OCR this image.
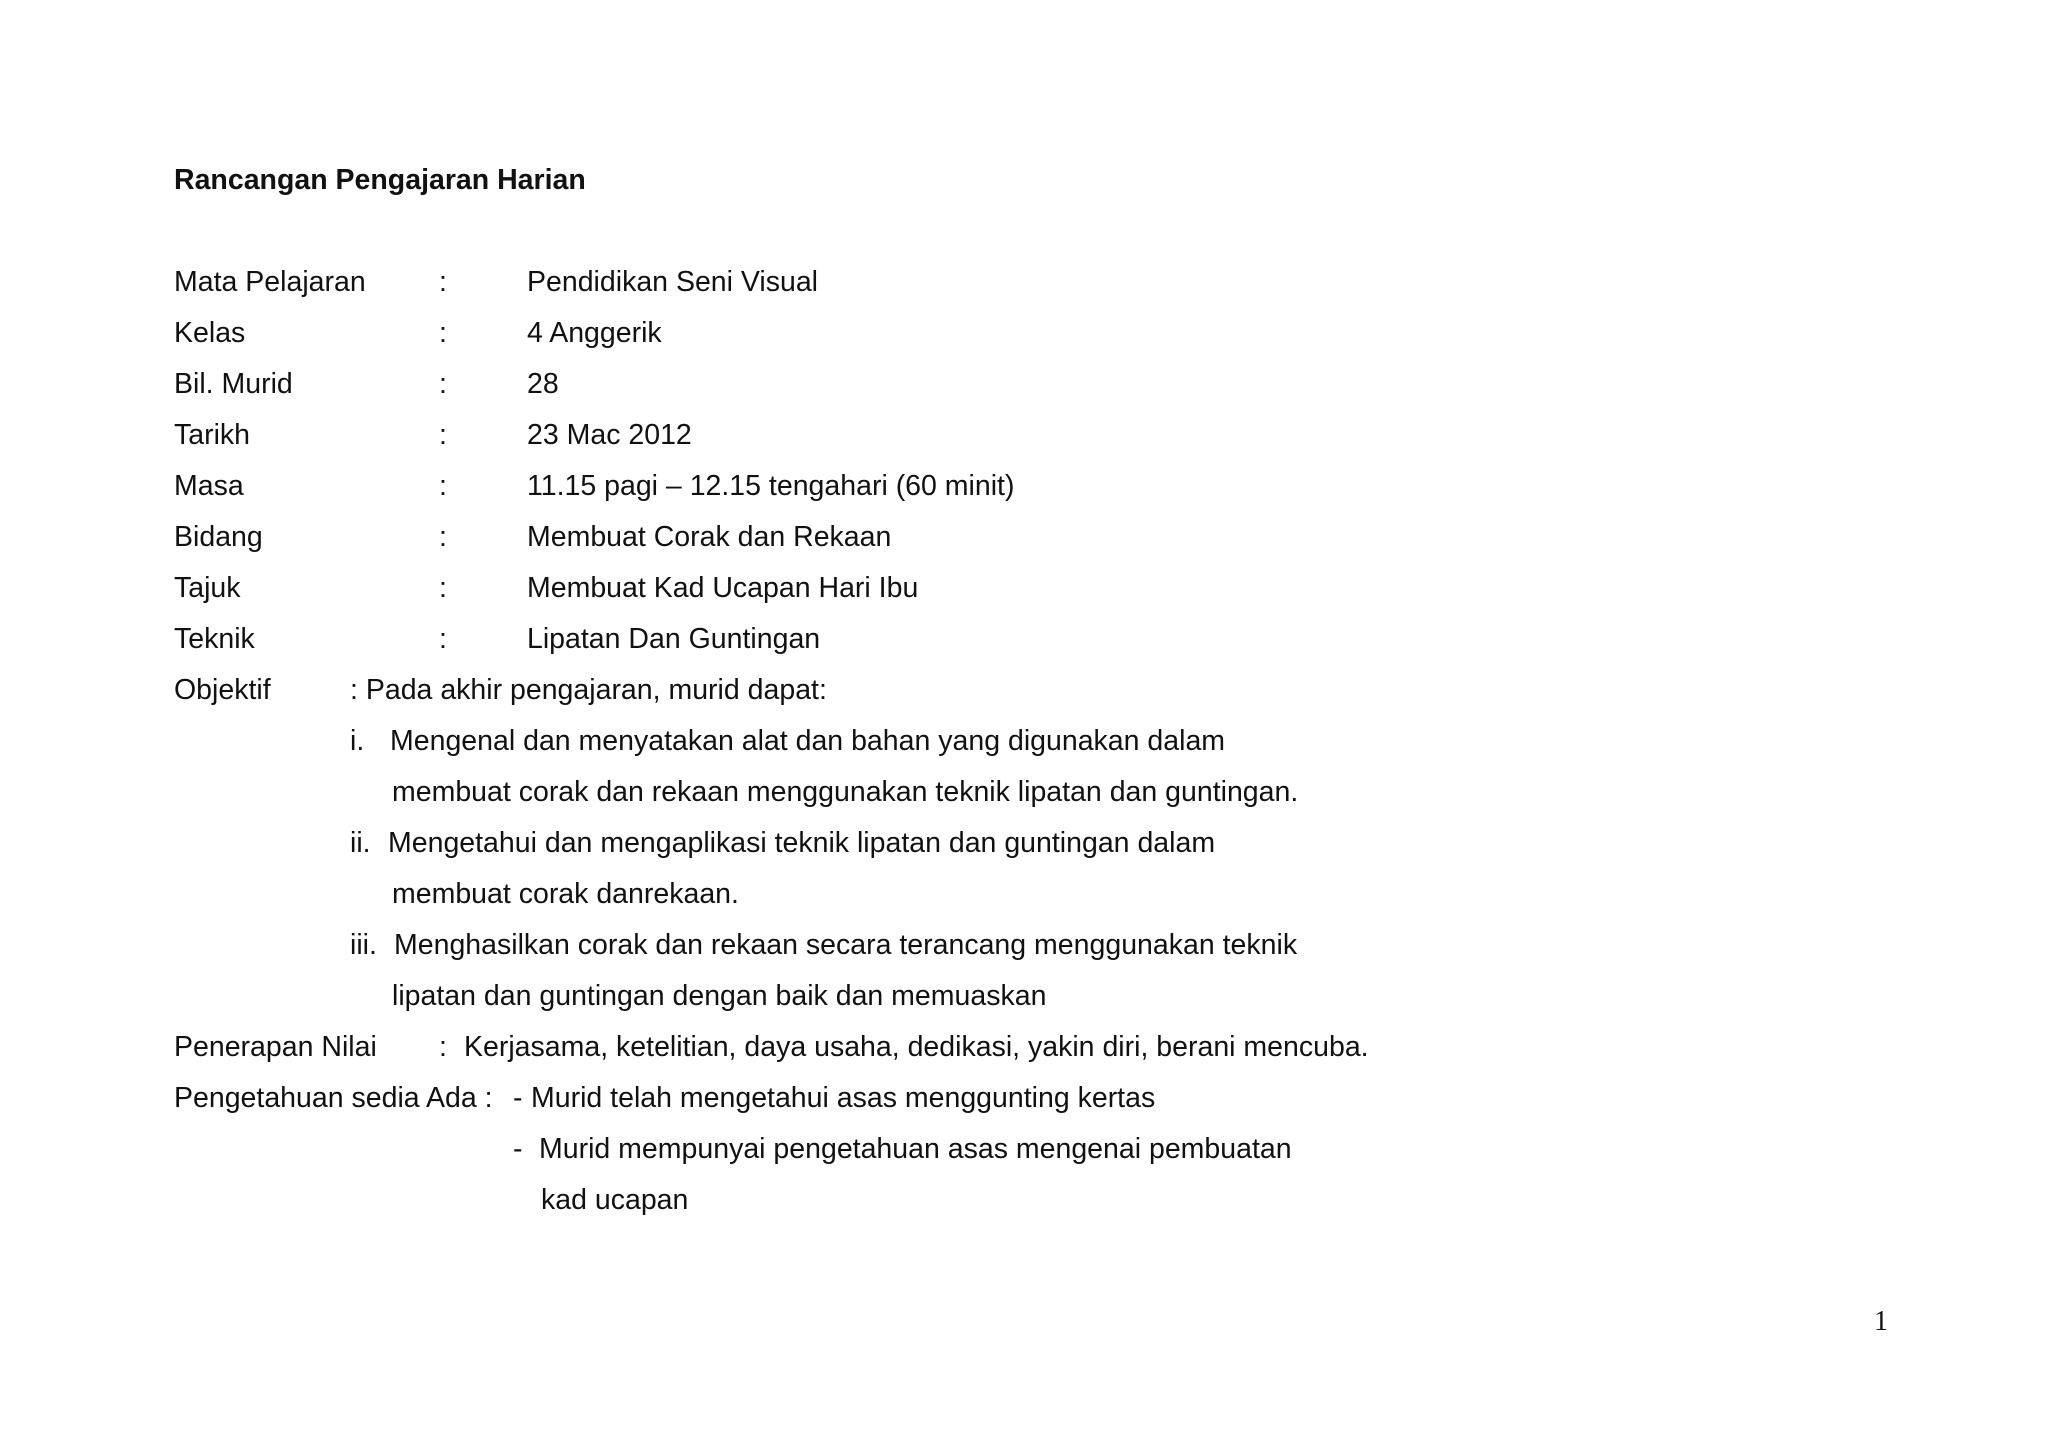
Rancangan Pengajaran Harian
Mata Pelajaran	:	Pendidikan Seni Visual
Kelas	:	4 Anggerik
Bil. Murid	:	28
Tarikh	:	23 Mac 2012
Masa	:	11.15 pagi – 12.15 tengahari (60 minit)
Bidang	:	Membuat Corak dan Rekaan
Tajuk	:	Membuat Kad Ucapan Hari Ibu
Teknik	:	Lipatan Dan Guntingan
Objektif	: Pada akhir pengajaran, murid dapat:
i. Mengenal dan menyatakan alat dan bahan yang digunakan dalam
membuat corak dan rekaan menggunakan teknik lipatan dan guntingan.
ii. Mengetahui dan mengaplikasi teknik lipatan dan guntingan dalam
membuat corak danrekaan.
iii. Menghasilkan corak dan rekaan secara terancang menggunakan teknik
lipatan dan guntingan dengan baik dan memuaskan
Penerapan Nilai : Kerjasama, ketelitian, daya usaha, dedikasi, yakin diri, berani mencuba.
Pengetahuan sedia Ada : - Murid telah mengetahui asas menggunting kertas
- Murid mempunyai pengetahuan asas mengenai pembuatan
kad ucapan
1
